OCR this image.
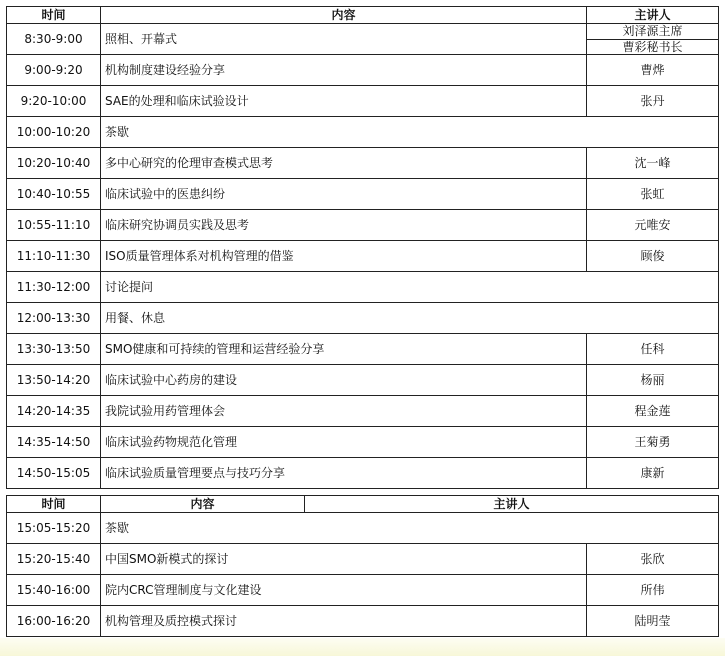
时间	内容	主讲人
8:30-9:00	照相、开幕式	刘泽源主席
		曹彩秘书长
9:00-9:20	机构制度建设经验分享	曹烨
9:20-10:00	SAE的处理和临床试验设计	张丹
10:00-10:20	茶歇	
10:20-10:40	多中心研究的伦理审查模式思考	沈一峰
10:40-10:55	临床试验中的医患纠纷	张虹
10:55-11:10	临床研究协调员实践及思考	元唯安
11:10-11:30	ISO质量管理体系对机构管理的借鉴	顾俊
11:30-12:00	讨论提问	
12:00-13:30	用餐、休息	
13:30-13:50	SMO健康和可持续的管理和运营经验分享	任科
13:50-14:20	临床试验中心药房的建设	杨丽
14:20-14:35	我院试验用药管理体会	程金莲
14:35-14:50	临床试验药物规范化管理	王菊勇
14:50-15:05	临床试验质量管理要点与技巧分享	康新
时间	内容	主讲人	
15:05-15:20	茶歇		
15:20-15:40	中国SMO新模式的探讨		张欣
15:40-16:00	院内CRC管理制度与文化建设		所伟
16:00-16:20	机构管理及质控模式探讨		陆明莹
